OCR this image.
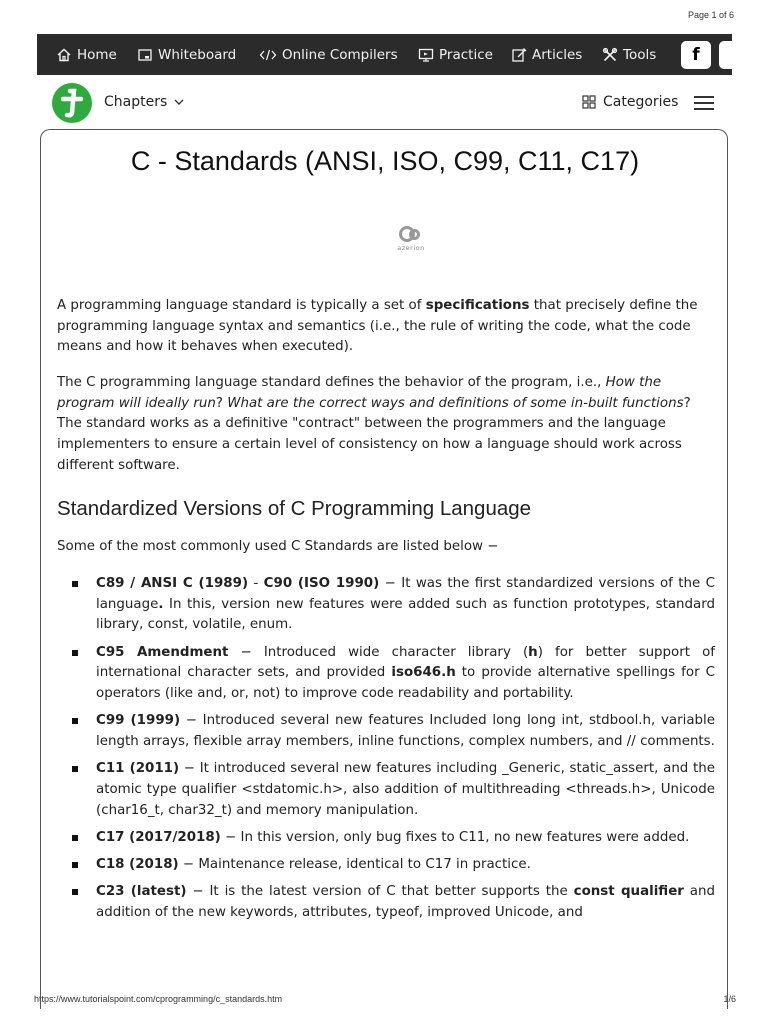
Page 1 of 6
https://www.tutorialspoint.com/cprogramming/c_standards.htm	1/6
Home	Whiteboard	Online Compilers	Practice	Articles	Tools	f
Chapters	Categories
C - Standards (ANSI, ISO, C99, C11, C17)
azerion
A programming language standard is typically a set of specifications that precisely define the programming language syntax and semantics (i.e., the rule of writing the code, what the code means and how it behaves when executed).
The C programming language standard defines the behavior of the program, i.e., How the program will ideally run? What are the correct ways and definitions of some in-built functions? The standard works as a definitive "contract" between the programmers and the language implementers to ensure a certain level of consistency on how a language should work across different software.
Standardized Versions of C Programming Language
Some of the most commonly used C Standards are listed below −
C89 / ANSI C (1989) - C90 (ISO 1990) − It was the first standardized versions of the C language. In this, version new features were added such as function prototypes, standard library, const, volatile, enum.
C95 Amendment − Introduced wide character library (h) for better support of international character sets, and provided iso646.h to provide alternative spellings for C operators (like and, or, not) to improve code readability and portability.
C99 (1999) − Introduced several new features Included long long int, stdbool.h, variable length arrays, flexible array members, inline functions, complex numbers, and // comments.
C11 (2011) − It introduced several new features including _Generic, static_assert, and the atomic type qualifier <stdatomic.h>, also addition of multithreading <threads.h>, Unicode (char16_t, char32_t) and memory manipulation.
C17 (2017/2018) − In this version, only bug fixes to C11, no new features were added.
C18 (2018) − Maintenance release, identical to C17 in practice.
C23 (latest) − It is the latest version of C that better supports the const qualifier and addition of the new keywords, attributes, typeof, improved Unicode, and
